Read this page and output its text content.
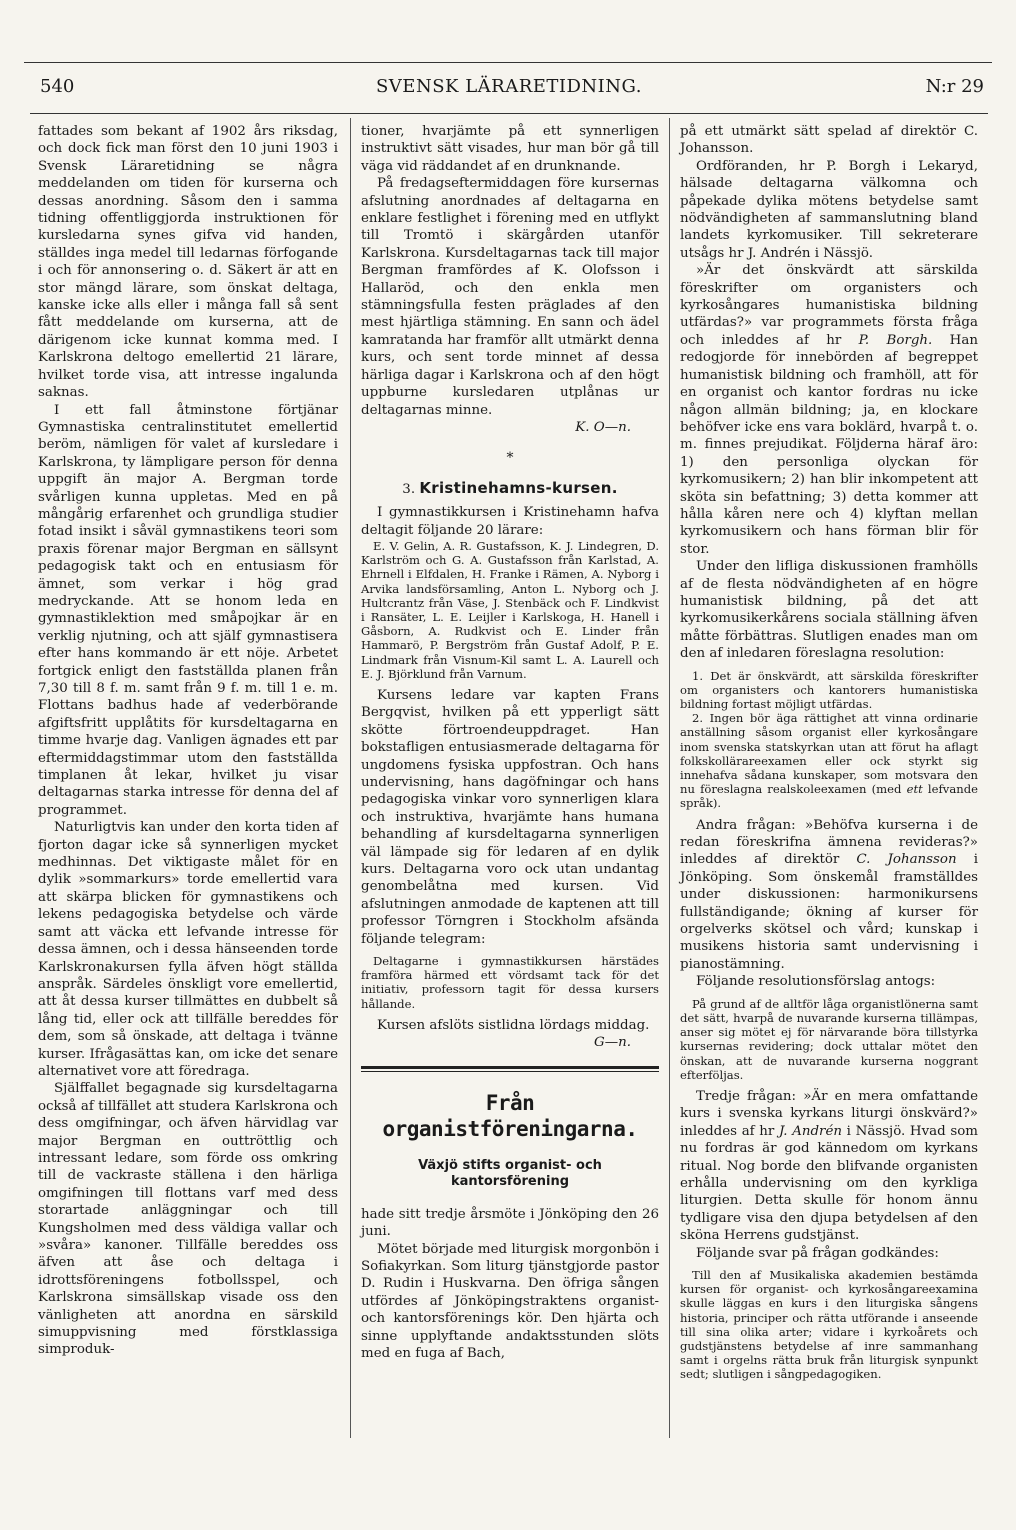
540	SVENSK LÄRARETIDNING.	N:r 29

fattades som bekant af 1902 års riksdag, och dock fick man först den 10 juni 1903 i Svensk Läraretidning se några meddelanden om tiden för kurserna och dessas anordning. Såsom den i samma tidning offentliggjorda instruktionen för kursledarna synes gifva vid handen, ställdes inga medel till ledarnas förfogande i och för annonsering o. d. Säkert är att en stor mängd lärare, som önskat deltaga, kanske icke alls eller i många fall så sent fått meddelande om kurserna, att de därigenom icke kunnat komma med. I Karlskrona deltogo emellertid 21 lärare, hvilket torde visa, att intresse ingalunda saknas.

I ett fall åtminstone förtjänar Gymnastiska centralinstitutet emellertid beröm, nämligen för valet af kursledare i Karlskrona, ty lämpligare person för denna uppgift än major A. Bergman torde svårligen kunna uppletas. Med en på mångårig erfarenhet och grundliga studier fotad insikt i såväl gymnastikens teori som praxis förenar major Bergman en sällsynt pedagogisk takt och en entusiasm för ämnet, som verkar i hög grad medryckande. Att se honom leda en gymnastiklektion med småpojkar är en verklig njutning, och att själf gymnastisera efter hans kommando är ett nöje. Arbetet fortgick enligt den fastställda planen från 7,30 till 8 f. m. samt från 9 f. m. till 1 e. m. Flottans badhus hade af vederbörande afgiftsfritt upplåtits för kursdeltagarna en timme hvarje dag. Vanligen ägnades ett par eftermiddagstimmar utom den fastställda timplanen åt lekar, hvilket ju visar deltagarnas starka intresse för denna del af programmet.

Naturligtvis kan under den korta tiden af fjorton dagar icke så synnerligen mycket medhinnas. Det viktigaste målet för en dylik »sommarkurs» torde emellertid vara att skärpa blicken för gymnastikens och lekens pedagogiska betydelse och värde samt att väcka ett lefvande intresse för dessa ämnen, och i dessa hänseenden torde Karlskronakursen fylla äfven högt ställda anspråk. Särdeles önskligt vore emellertid, att åt dessa kurser tillmättes en dubbelt så lång tid, eller ock att tillfälle bereddes för dem, som så önskade, att deltaga i tvänne kurser. Ifrågasättas kan, om icke det senare alternativet vore att föredraga.

Själffallet begagnade sig kursdeltagarna också af tillfället att studera Karlskrona och dess omgifningar, och äfven härvidlag var major Bergman en outtröttlig och intressant ledare, som förde oss omkring till de vackraste ställena i den härliga omgifningen till flottans varf med dess storartade anläggningar och till Kungsholmen med dess väldiga vallar och »svåra» kanoner. Tillfälle bereddes oss äfven att åse och deltaga i idrottsföreningens fotbollsspel, och Karlskrona simsällskap visade oss den vänligheten att anordna en särskild simuppvisning med förstklassiga simproduk-

tioner, hvarjämte på ett synnerligen instruktivt sätt visades, hur man bör gå till väga vid räddandet af en drunknande.

På fredagseftermiddagen före kursernas afslutning anordnades af deltagarna en enklare festlighet i förening med en utflykt till Tromtö i skärgården utanför Karlskrona. Kursdeltagarnas tack till major Bergman framfördes af K. Olofsson i Hallaröd, och den enkla men stämningsfulla festen präglades af den mest hjärtliga stämning. En sann och ädel kamratanda har framför allt utmärkt denna kurs, och sent torde minnet af dessa härliga dagar i Karlskrona och af den högt uppburne kursledaren utplånas ur deltagarnas minne.

K. O—n.
*
3. Kristinehamns-kursen.

I gymnastikkursen i Kristinehamn hafva deltagit följande 20 lärare:

E. V. Gelin, A. R. Gustafsson, K. J. Lindegren, D. Karlström och G. A. Gustafsson från Karlstad, A. Ehrnell i Elfdalen, H. Franke i Rämen, A. Nyborg i Arvika landsförsamling, Anton L. Nyborg och J. Hultcrantz från Väse, J. Stenbäck och F. Lindkvist i Ransäter, L. E. Leijler i Karlskoga, H. Hanell i Gåsborn, A. Rudkvist och E. Linder från Hammarö, P. Bergström från Gustaf Adolf, P. E. Lindmark från Visnum-Kil samt L. A. Laurell och E. J. Björklund från Varnum.

Kursens ledare var kapten Frans Bergqvist, hvilken på ett ypperligt sätt skötte förtroendeuppdraget. Han bokstafligen entusiasmerade deltagarna för ungdomens fysiska uppfostran. Och hans undervisning, hans dagöfningar och hans pedagogiska vinkar voro synnerligen klara och instruktiva, hvarjämte hans humana behandling af kursdeltagarna synnerligen väl lämpade sig för ledaren af en dylik kurs. Deltagarna voro ock utan undantag genombelåtna med kursen. Vid afslutningen anmodade de kaptenen att till professor Törngren i Stockholm afsända följande telegram:

Deltagarne i gymnastikkursen härstädes framföra härmed ett vördsamt tack för det initiativ, professorn tagit för dessa kursers hållande.

Kursen afslöts sistlidna lördags middag.

G—n.
Från organistföreningarna.
Växjö stifts organist- och kantorsförening

hade sitt tredje årsmöte i Jönköping den 26 juni.

Mötet började med liturgisk morgonbön i Sofiakyrkan. Som liturg tjänstgjorde pastor D. Rudin i Huskvarna. Den öfriga sången utfördes af Jönköpingstraktens organist- och kantorsförenings kör. Den hjärta och sinne upplyftande andaktsstunden slöts med en fuga af Bach,

på ett utmärkt sätt spelad af direktör C. Johansson.

Ordföranden, hr P. Borgh i Lekaryd, hälsade deltagarna välkomna och påpekade dylika mötens betydelse samt nödvändigheten af sammanslutning bland landets kyrkomusiker. Till sekreterare utsågs hr J. Andrén i Nässjö.

»Är det önskvärdt att särskilda föreskrifter om organisters och kyrkosångares humanistiska bildning utfärdas?» var programmets första fråga och inleddes af hr P. Borgh. Han redogjorde för innebörden af begreppet humanistisk bildning och framhöll, att för en organist och kantor fordras nu icke någon allmän bildning; ja, en klockare behöfver icke ens vara boklärd, hvarpå t. o. m. finnes prejudikat. Följderna häraf äro: 1) den personliga olyckan för kyrkomusikern; 2) han blir inkompetent att sköta sin befattning; 3) detta kommer att hålla kåren nere och 4) klyftan mellan kyrkomusikern och hans förman blir för stor.

Under den lifliga diskussionen framhölls af de flesta nödvändigheten af en högre humanistisk bildning, på det att kyrkomusikerkårens sociala ställning äfven måtte förbättras. Slutligen enades man om den af inledaren föreslagna resolution:

1. Det är önskvärdt, att särskilda föreskrifter om organisters och kantorers humanistiska bildning fortast möjligt utfärdas.

2. Ingen bör äga rättighet att vinna ordinarie anställning såsom organist eller kyrkosångare inom svenska statskyrkan utan att förut ha aflagt folkskollärareexamen eller ock styrkt sig innehafva sådana kunskaper, som motsvara den nu föreslagna realskoleexamen (med ett lefvande språk).

Andra frågan: »Behöfva kurserna i de redan föreskrifna ämnena revideras?» inleddes af direktör C. Johansson i Jönköping. Som önskemål framställdes under diskussionen: harmonikursens fullständigande; ökning af kurser för orgelverks skötsel och vård; kunskap i musikens historia samt undervisning i pianostämning.

Följande resolutionsförslag antogs:

På grund af de alltför låga organistlönerna samt det sätt, hvarpå de nuvarande kurserna tillämpas, anser sig mötet ej för närvarande böra tillstyrka kursernas revidering; dock uttalar mötet den önskan, att de nuvarande kurserna noggrant efterföljas.

Tredje frågan: »Är en mera omfattande kurs i svenska kyrkans liturgi önskvärd?» inleddes af hr J. Andrén i Nässjö. Hvad som nu fordras är god kännedom om kyrkans ritual. Nog borde den blifvande organisten erhålla undervisning om den kyrkliga liturgien. Detta skulle för honom ännu tydligare visa den djupa betydelsen af den sköna Herrens gudstjänst.

Följande svar på frågan godkändes:

Till den af Musikaliska akademien bestämda kursen för organist- och kyrkosångareexamina skulle läggas en kurs i den liturgiska sångens historia, principer och rätta utförande i anseende till sina olika arter; vidare i kyrkoårets och gudstjänstens betydelse af inre sammanhang samt i orgelns rätta bruk från liturgisk synpunkt sedt; slutligen i sångpedagogiken.
